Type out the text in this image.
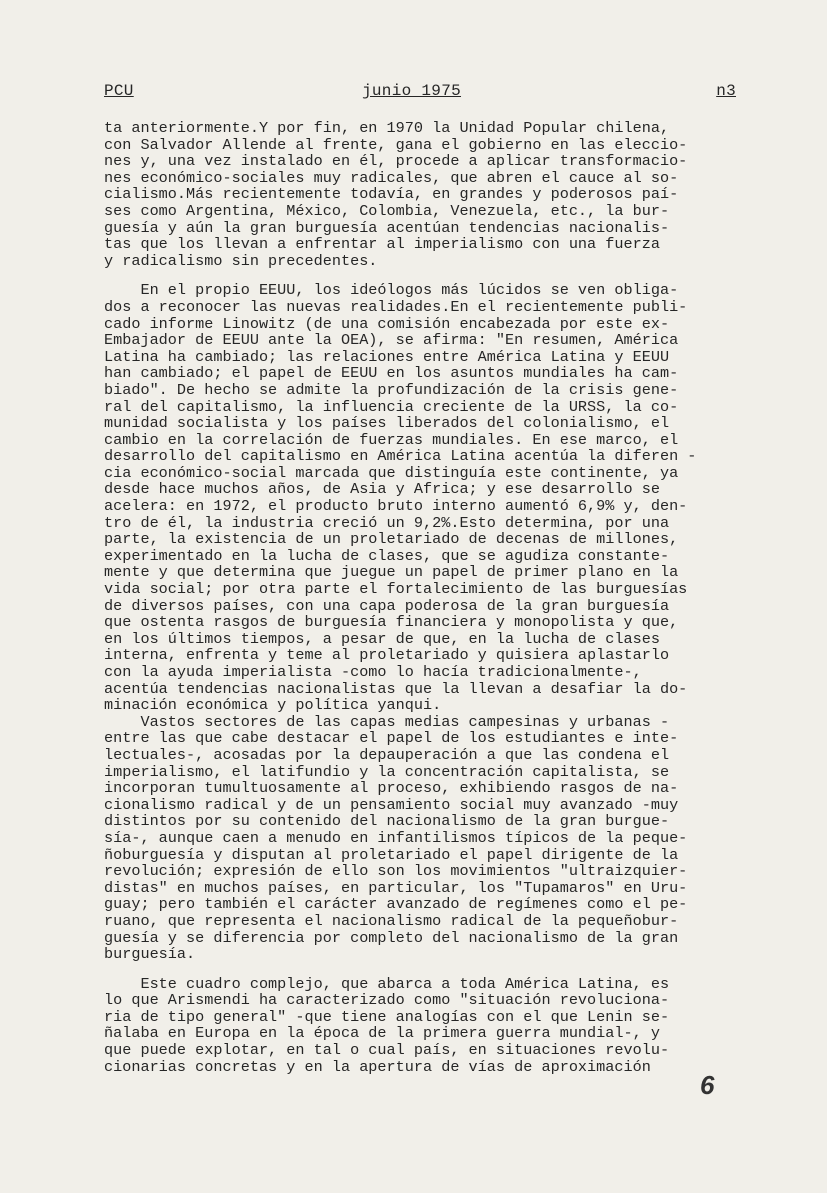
PCU	junio 1975	n3
ta anteriormente.Y por fin, en 1970 la Unidad Popular chilena,
con Salvador Allende al frente, gana el gobierno en las eleccio-
nes y, una vez instalado en él, procede a aplicar transformacio-
nes económico-sociales muy radicales, que abren el cauce al so-
cialismo.Más recientemente todavía, en grandes y poderosos paí-
ses como Argentina, México, Colombia, Venezuela, etc., la bur-
guesía y aún la gran burguesía acentúan tendencias nacionalis-
tas que los llevan a enfrentar al imperialismo con una fuerza
y radicalismo sin precedentes.
En el propio EEUU, los ideólogos más lúcidos se ven obliga-
dos a reconocer las nuevas realidades.En el recientemente publi-
cado informe Linowitz (de una comisión encabezada por este ex-
Embajador de EEUU ante la OEA), se afirma: "En resumen, América
Latina ha cambiado; las relaciones entre América Latina y EEUU
han cambiado; el papel de EEUU en los asuntos mundiales ha cam-
biado". De hecho se admite la profundización de la crisis gene-
ral del capitalismo, la influencia creciente de la URSS, la co-
munidad socialista y los países liberados del colonialismo, el
cambio en la correlación de fuerzas mundiales. En ese marco, el
desarrollo del capitalismo en América Latina acentúa la diferen -
cia económico-social marcada que distinguía este continente, ya
desde hace muchos años, de Asia y Africa; y ese desarrollo se
acelera: en 1972, el producto bruto interno aumentó 6,9% y, den-
tro de él, la industria creció un 9,2%.Esto determina, por una
parte, la existencia de un proletariado de decenas de millones,
experimentado en la lucha de clases, que se agudiza constante-
mente y que determina que juegue un papel de primer plano en la
vida social; por otra parte el fortalecimiento de las burguesías
de diversos países, con una capa poderosa de la gran burguesía
que ostenta rasgos de burguesía financiera y monopolista y que,
en los últimos tiempos, a pesar de que, en la lucha de clases
interna, enfrenta y teme al proletariado y quisiera aplastarlo
con la ayuda imperialista -como lo hacía tradicionalmente-,
acentúa tendencias nacionalistas que la llevan a desafiar la do-
minación económica y política yanqui.
Vastos sectores de las capas medias campesinas y urbanas -
entre las que cabe destacar el papel de los estudiantes e inte-
lectuales-, acosadas por la depauperación a que las condena el
imperialismo, el latifundio y la concentración capitalista, se
incorporan tumultuosamente al proceso, exhibiendo rasgos de na-
cionalismo radical y de un pensamiento social muy avanzado -muy
distintos por su contenido del nacionalismo de la gran burgue-
sía-, aunque caen a menudo en infantilismos típicos de la peque-
ñoburguesía y disputan al proletariado el papel dirigente de la
revolución; expresión de ello son los movimientos "ultraizquier-
distas" en muchos países, en particular, los "Tupamaros" en Uru-
guay; pero también el carácter avanzado de regímenes como el pe-
ruano, que representa el nacionalismo radical de la pequeñobur-
guesía y se diferencia por completo del nacionalismo de la gran
burguesía.
Este cuadro complejo, que abarca a toda América Latina, es
lo que Arismendi ha caracterizado como "situación revoluciona-
ria de tipo general" -que tiene analogías con el que Lenin se-
ñalaba en Europa en la época de la primera guerra mundial-, y
que puede explotar, en tal o cual país, en situaciones revolu-
cionarias concretas y en la apertura de vías de aproximación
6
